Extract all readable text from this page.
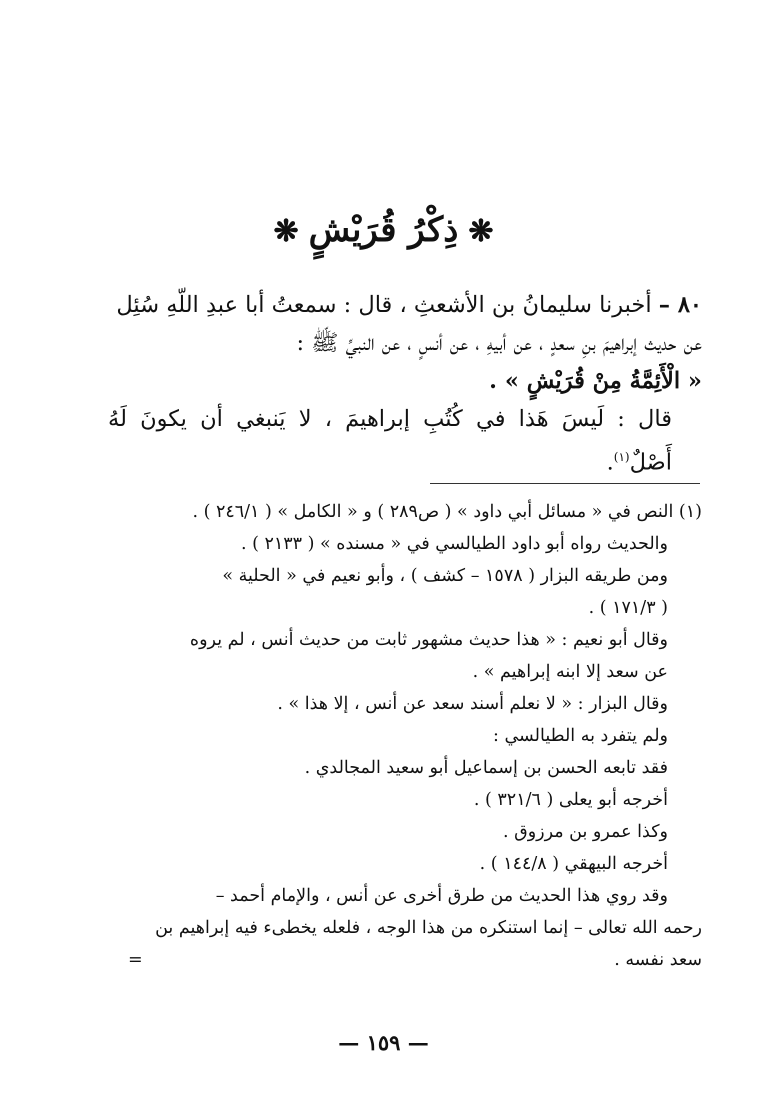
❋ذِكْرُ قُرَيْشٍ❋
٨٠ – أخبرنا سليمانُ بن الأشعثِ ، قال : سمعتُ أبا عبدِ اللّهِ سُئِل
عن حديث إبراهيمَ بنِ سعدٍ ، عن أبيهِ ، عن أنسٍ ، عن النبيِّ ﷺ :
« الْأَئِمَّةُ مِنْ قُرَيْشٍ » .
قال : لَيسَ هَذا في كُتُبِ إبراهيمَ ، لا يَنبغي أن يكونَ لَهُ أَصْلٌ$^{(١)}$.
(١) النص في « مسائل أبي داود » ( ص٢٨٩ ) و « الكامل » ( ٢٤٦/١ ) .
والحديث رواه أبو داود الطيالسي في « مسنده » ( ٢١٣٣ ) .
ومن طريقه البزار ( ١٥٧٨ – كشف ) ، وأبو نعيم في « الحلية »
( ١٧١/٣ ) .
وقال أبو نعيم : « هذا حديث مشهور ثابت من حديث أنس ، لم يروه
عن سعد إلا ابنه إبراهيم » .
وقال البزار : « لا نعلم أسند سعد عن أنس ، إلا هذا » .
ولم يتفرد به الطيالسي :
فقد تابعه الحسن بن إسماعيل أبو سعيد المجالدي .
أخرجه أبو يعلى ( ٣٢١/٦ ) .
وكذا عمرو بن مرزوق .
أخرجه البيهقي ( ١٤٤/٨ ) .
وقد روي هذا الحديث من طرق أخرى عن أنس ، والإمام أحمد –
رحمه الله تعالى – إنما استنكره من هذا الوجه ، فلعله يخطىء فيه إبراهيم بن
سعد نفسه .
=
— ١٥٩ —
